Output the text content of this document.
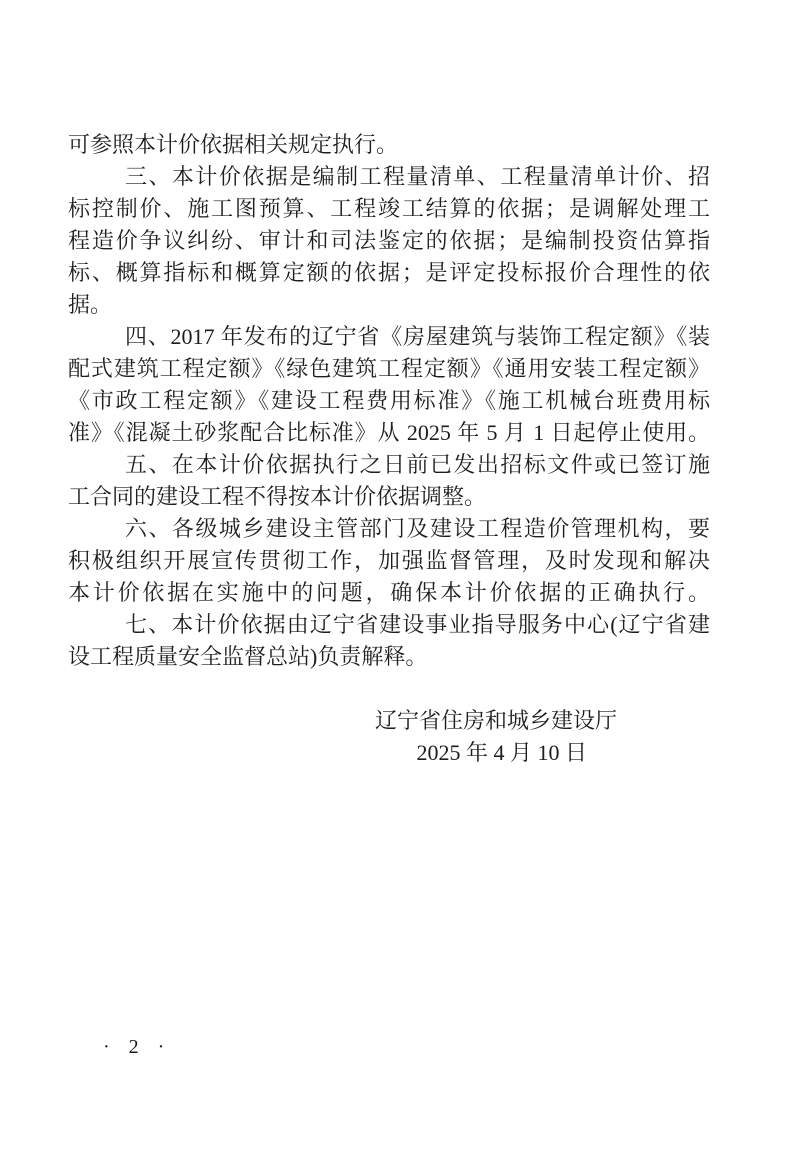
可参照本计价依据相关规定执行。
三、本计价依据是编制工程量清单、工程量清单计价、招
标控制价、施工图预算、工程竣工结算的依据；是调解处理工
程造价争议纠纷、审计和司法鉴定的依据；是编制投资估算指
标、概算指标和概算定额的依据；是评定投标报价合理性的依
据。
四、2017 年发布的辽宁省《房屋建筑与装饰工程定额》《装
配式建筑工程定额》《绿色建筑工程定额》《通用安装工程定额》
《市政工程定额》《建设工程费用标准》《施工机械台班费用标
准》《混凝土砂浆配合比标准》从 2025 年 5 月 1 日起停止使用。
五、在本计价依据执行之日前已发出招标文件或已签订施
工合同的建设工程不得按本计价依据调整。
六、各级城乡建设主管部门及建设工程造价管理机构，要
积极组织开展宣传贯彻工作，加强监督管理，及时发现和解决
本计价依据在实施中的问题，确保本计价依据的正确执行。
七、本计价依据由辽宁省建设事业指导服务中心(辽宁省建
设工程质量安全监督总站)负责解释。
辽宁省住房和城乡建设厅
2025 年 4 月 10 日
· 2 ·
